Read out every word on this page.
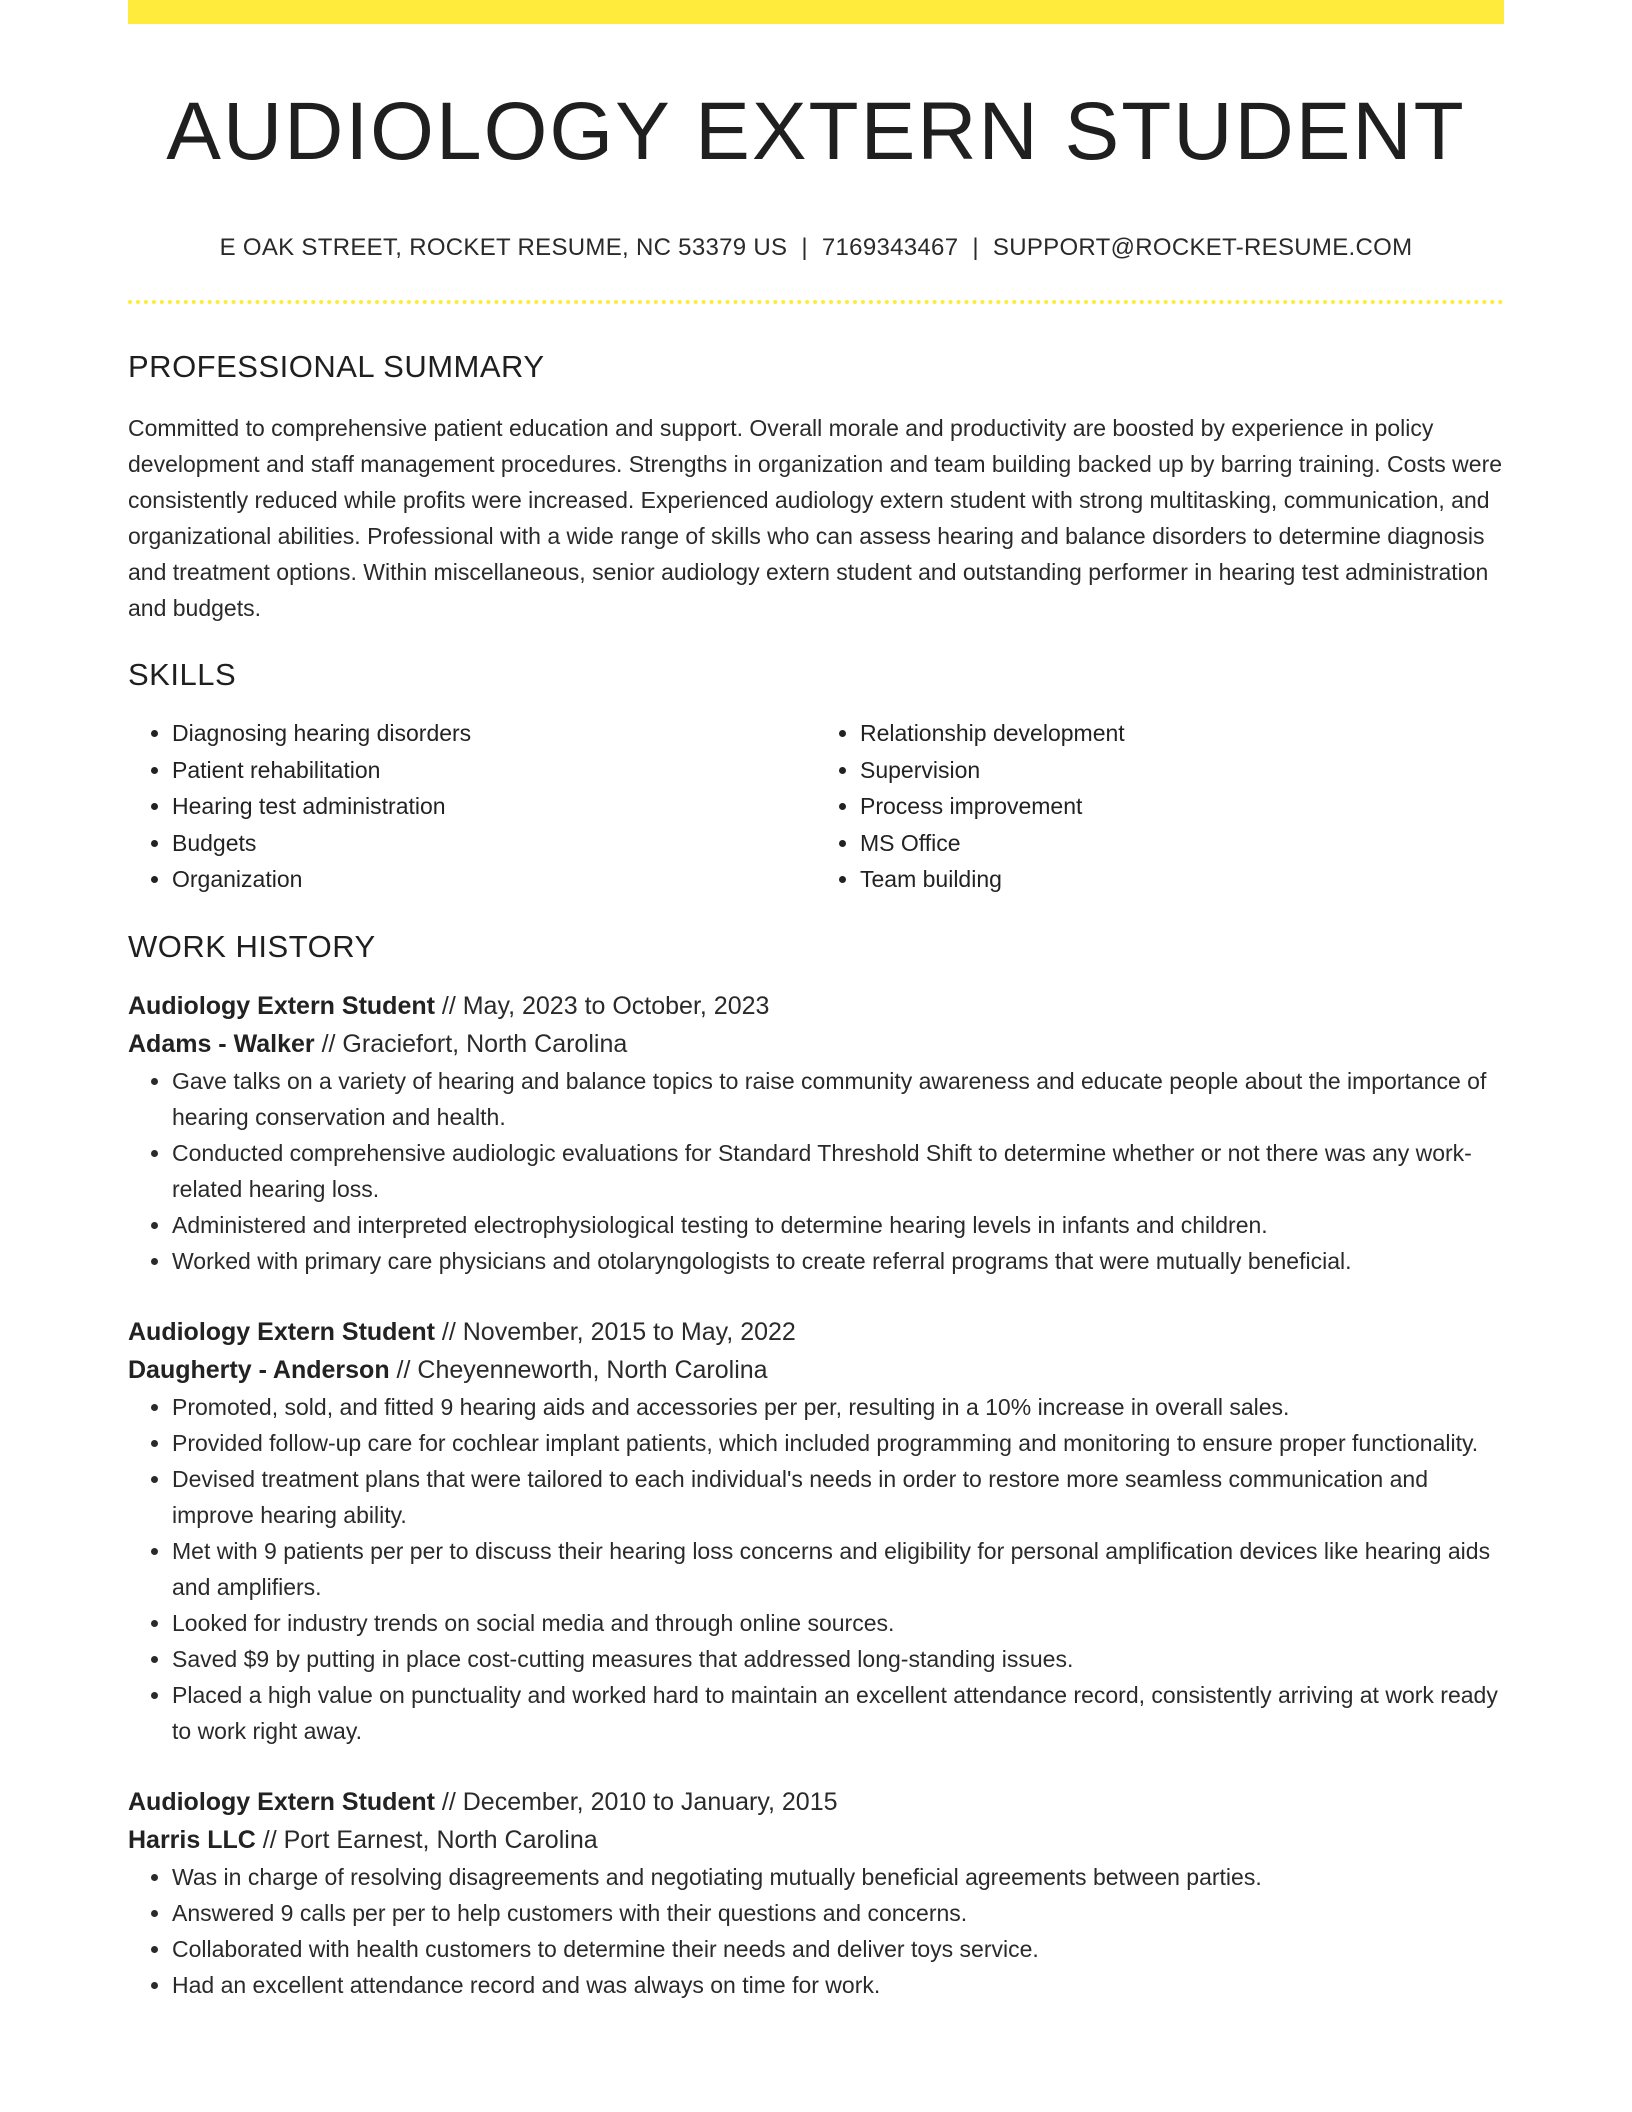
AUDIOLOGY EXTERN STUDENT
E OAK STREET, ROCKET RESUME, NC 53379 US | 7169343467 | SUPPORT@ROCKET-RESUME.COM
PROFESSIONAL SUMMARY

Committed to comprehensive patient education and support. Overall morale and productivity are boosted by experience in policy development and staff management procedures. Strengths in organization and team building backed up by barring training. Costs were consistently reduced while profits were increased. Experienced audiology extern student with strong multitasking, communication, and organizational abilities. Professional with a wide range of skills who can assess hearing and balance disorders to determine diagnosis and treatment options. Within miscellaneous, senior audiology extern student and outstanding performer in hearing test administration and budgets.

SKILLS
• Diagnosing hearing disorders
• Patient rehabilitation
• Hearing test administration
• Budgets
• Organization
• Relationship development
• Supervision
• Process improvement
• MS Office
• Team building
WORK HISTORY
Audiology Extern Student // May, 2023 to October, 2023
Adams - Walker // Graciefort, North Carolina
• Gave talks on a variety of hearing and balance topics to raise community awareness and educate people about the importance of hearing conservation and health.
• Conducted comprehensive audiologic evaluations for Standard Threshold Shift to determine whether or not there was any work-related hearing loss.
• Administered and interpreted electrophysiological testing to determine hearing levels in infants and children.
• Worked with primary care physicians and otolaryngologists to create referral programs that were mutually beneficial.
Audiology Extern Student // November, 2015 to May, 2022
Daugherty - Anderson // Cheyenneworth, North Carolina
• Promoted, sold, and fitted 9 hearing aids and accessories per per, resulting in a 10% increase in overall sales.
• Provided follow-up care for cochlear implant patients, which included programming and monitoring to ensure proper functionality.
• Devised treatment plans that were tailored to each individual's needs in order to restore more seamless communication and improve hearing ability.
• Met with 9 patients per per to discuss their hearing loss concerns and eligibility for personal amplification devices like hearing aids and amplifiers.
• Looked for industry trends on social media and through online sources.
• Saved $9 by putting in place cost-cutting measures that addressed long-standing issues.
• Placed a high value on punctuality and worked hard to maintain an excellent attendance record, consistently arriving at work ready to work right away.
Audiology Extern Student // December, 2010 to January, 2015
Harris LLC // Port Earnest, North Carolina
• Was in charge of resolving disagreements and negotiating mutually beneficial agreements between parties.
• Answered 9 calls per per to help customers with their questions and concerns.
• Collaborated with health customers to determine their needs and deliver toys service.
• Had an excellent attendance record and was always on time for work.
